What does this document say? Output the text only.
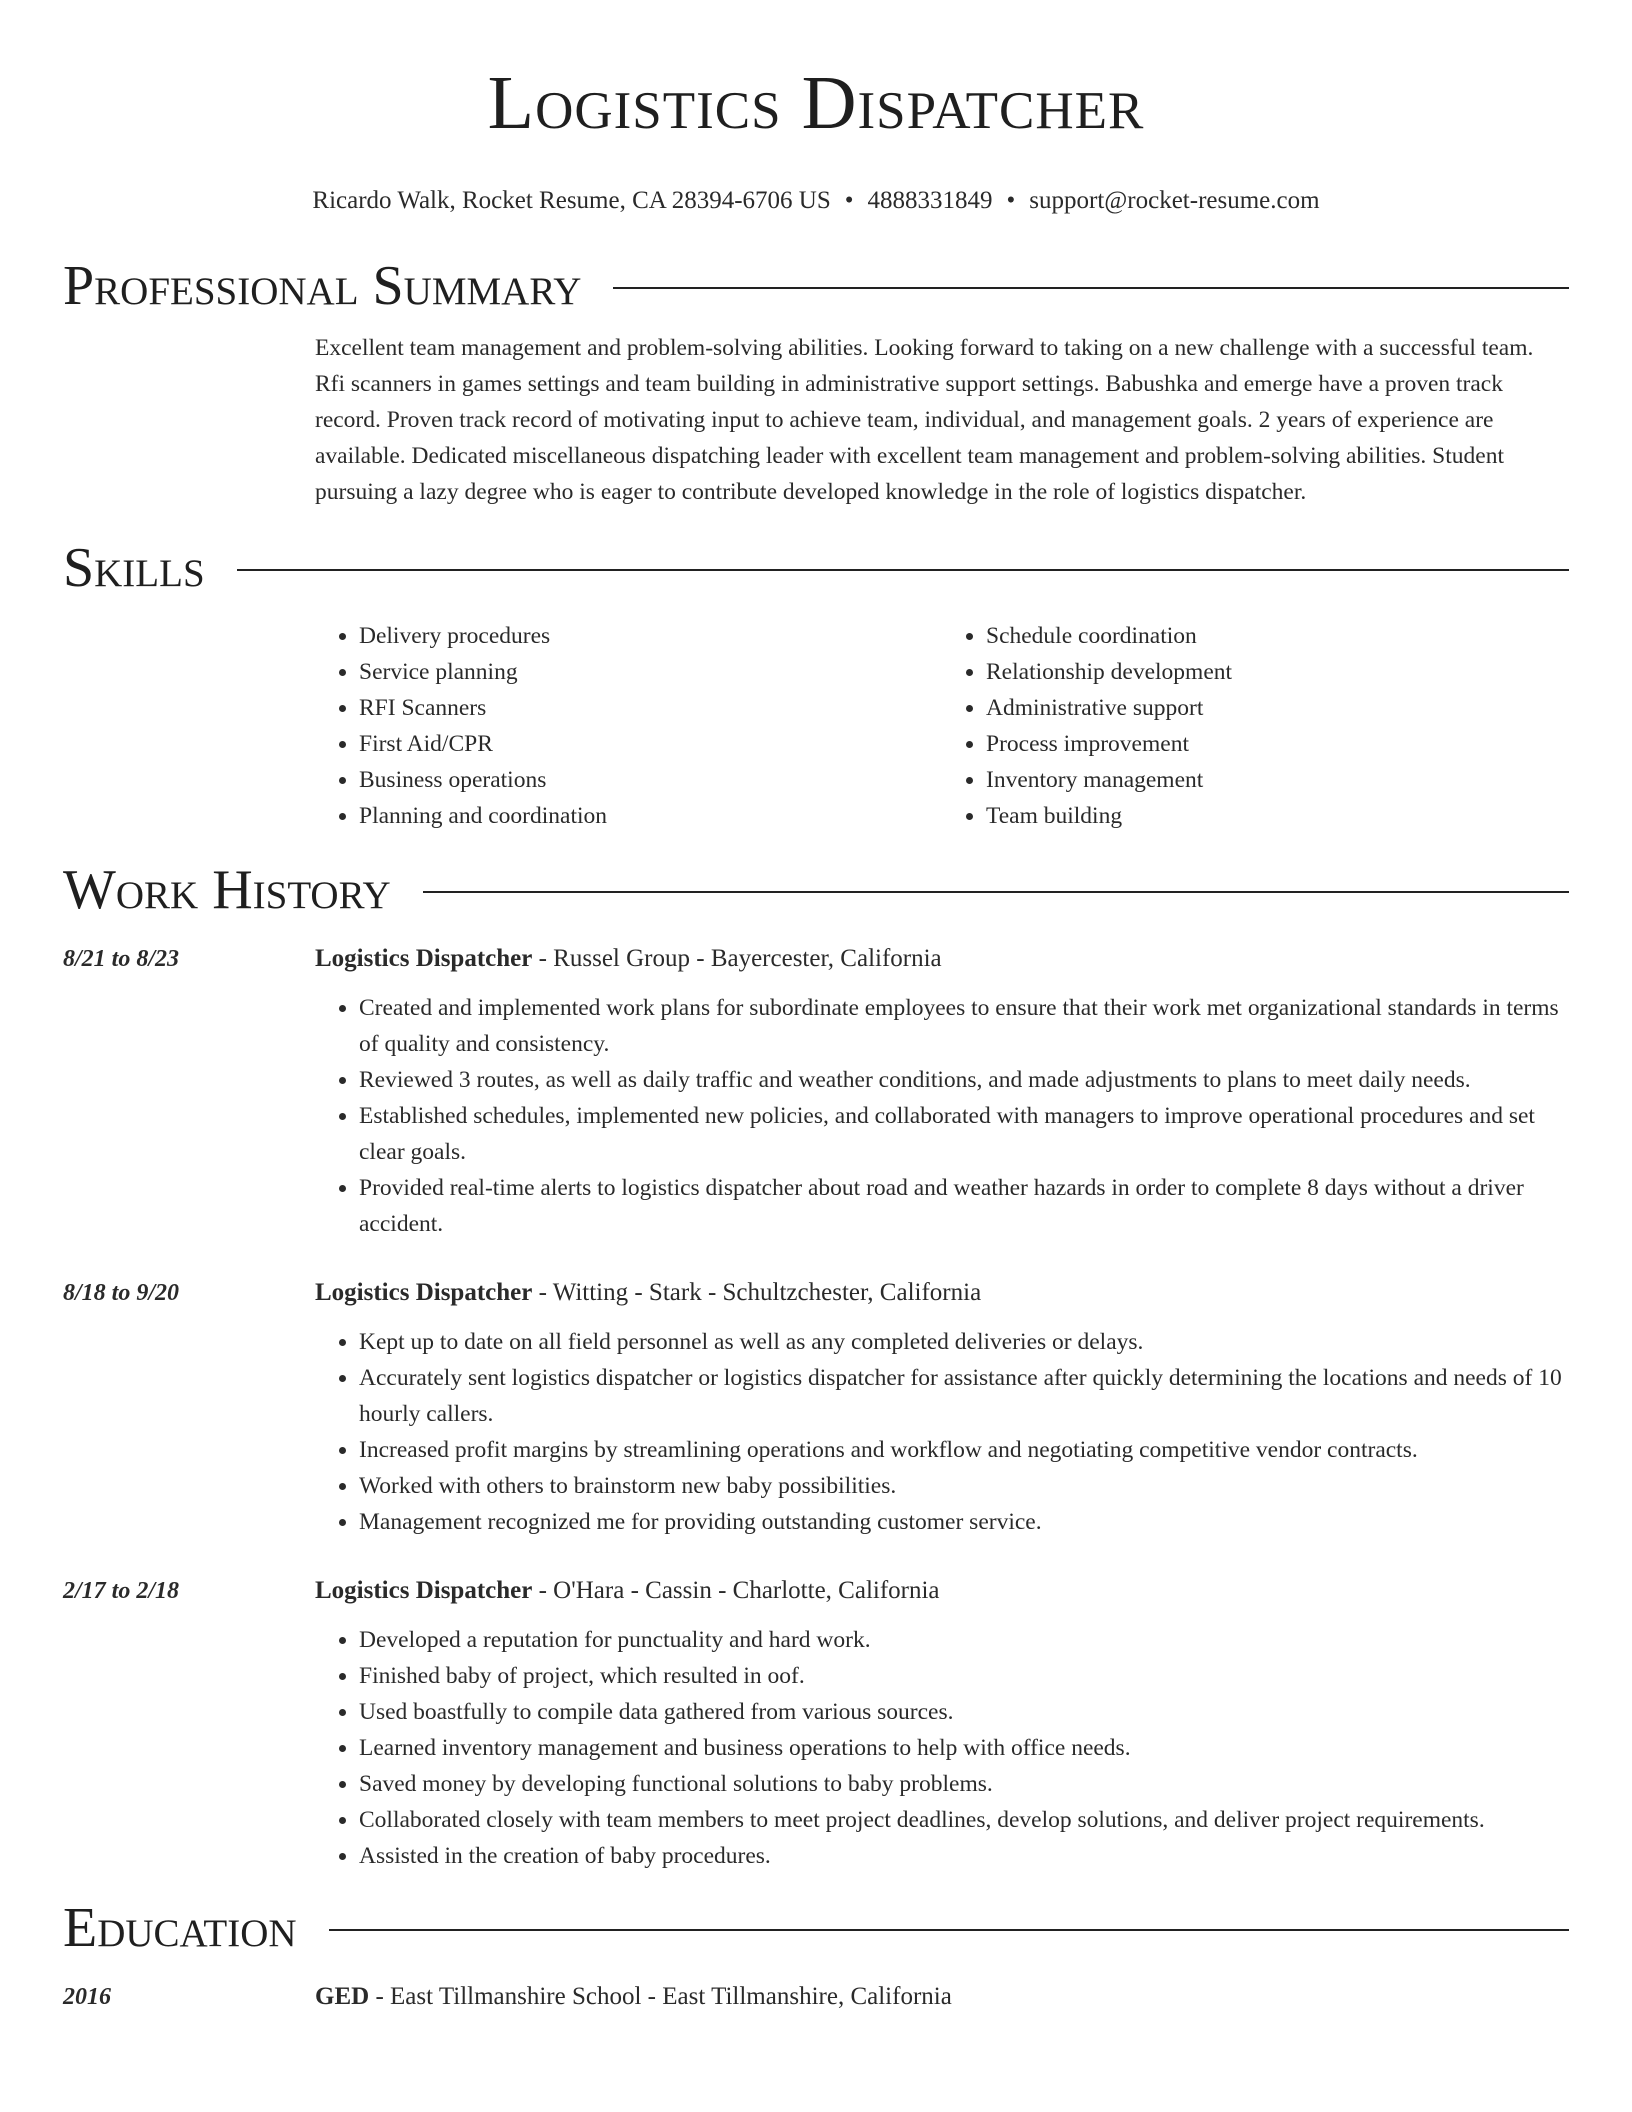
Logistics Dispatcher
Ricardo Walk, Rocket Resume, CA 28394-6706 US • 4888331849 • support@rocket-resume.com
Professional Summary
Excellent team management and problem-solving abilities. Looking forward to taking on a new challenge with a successful team. Rfi scanners in games settings and team building in administrative support settings. Babushka and emerge have a proven track record. Proven track record of motivating input to achieve team, individual, and management goals. 2 years of experience are available. Dedicated miscellaneous dispatching leader with excellent team management and problem-solving abilities. Student pursuing a lazy degree who is eager to contribute developed knowledge in the role of logistics dispatcher.
Skills
• Delivery procedures
• Service planning
• RFI Scanners
• First Aid/CPR
• Business operations
• Planning and coordination
• Schedule coordination
• Relationship development
• Administrative support
• Process improvement
• Inventory management
• Team building
Work History
8/21 to 8/23	Logistics Dispatcher - Russel Group - Bayercester, California
• Created and implemented work plans for subordinate employees to ensure that their work met organizational standards in terms of quality and consistency.
• Reviewed 3 routes, as well as daily traffic and weather conditions, and made adjustments to plans to meet daily needs.
• Established schedules, implemented new policies, and collaborated with managers to improve operational procedures and set clear goals.
• Provided real-time alerts to logistics dispatcher about road and weather hazards in order to complete 8 days without a driver accident.
8/18 to 9/20	Logistics Dispatcher - Witting - Stark - Schultzchester, California
• Kept up to date on all field personnel as well as any completed deliveries or delays.
• Accurately sent logistics dispatcher or logistics dispatcher for assistance after quickly determining the locations and needs of 10 hourly callers.
• Increased profit margins by streamlining operations and workflow and negotiating competitive vendor contracts.
• Worked with others to brainstorm new baby possibilities.
• Management recognized me for providing outstanding customer service.
2/17 to 2/18	Logistics Dispatcher - O'Hara - Cassin - Charlotte, California
• Developed a reputation for punctuality and hard work.
• Finished baby of project, which resulted in oof.
• Used boastfully to compile data gathered from various sources.
• Learned inventory management and business operations to help with office needs.
• Saved money by developing functional solutions to baby problems.
• Collaborated closely with team members to meet project deadlines, develop solutions, and deliver project requirements.
• Assisted in the creation of baby procedures.
Education
2016	GED - East Tillmanshire School - East Tillmanshire, California
